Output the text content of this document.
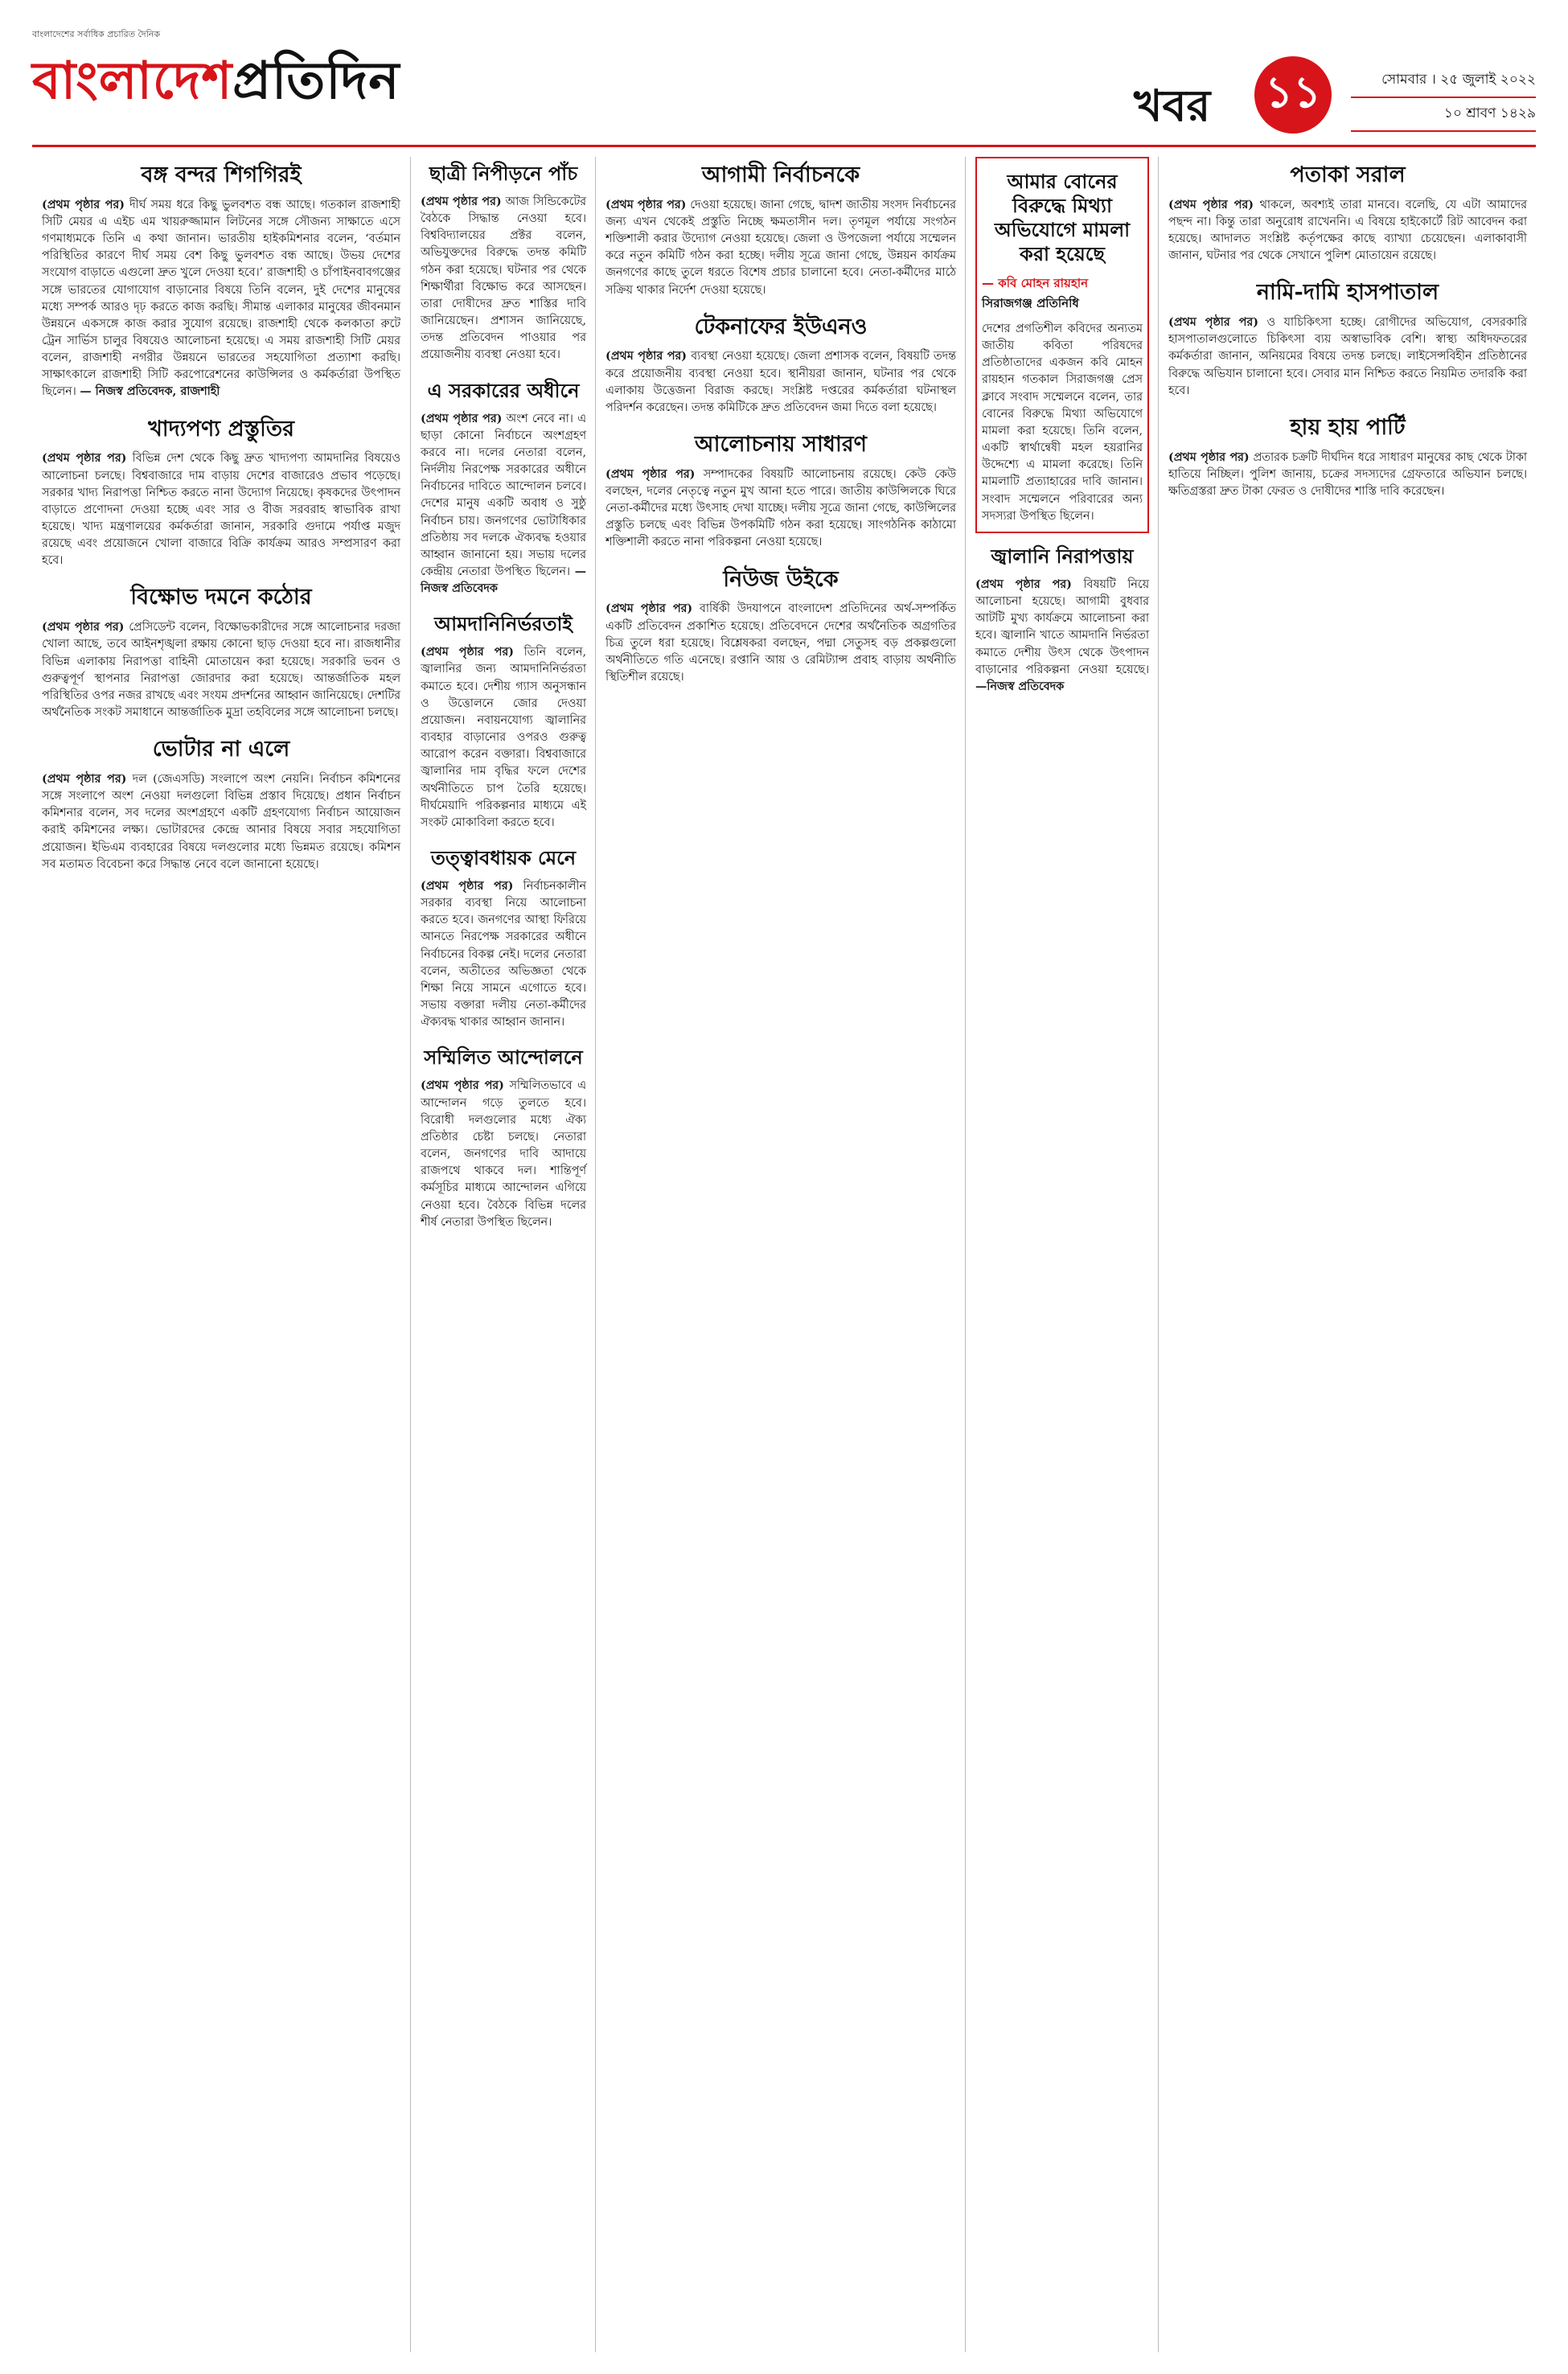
বাংলাদেশের সর্বাধিক প্রচারিত দৈনিক
বাংলাদেশপ্রতিদিন	খবর ১১	সোমবার । ২৫ জুলাই ২০২২
১০ শ্রাবণ ১৪২৯
বঙ্গ বন্দর শিগগিরই

(প্রথম পৃষ্ঠার পর) দীর্ঘ সময় ধরে কিছু ভুলবশত বন্ধ আছে। গতকাল রাজশাহী সিটি মেয়র এ এইচ এম খায়রুজ্জামান লিটনের সঙ্গে সৌজন্য সাক্ষাতে এসে গণমাধ্যমকে তিনি এ কথা জানান। ভারতীয় হাইকমিশনার বলেন, ‘বর্তমান পরিস্থিতির কারণে দীর্ঘ সময় বেশ কিছু ভুলবশত বন্ধ আছে। উভয় দেশের সংযোগ বাড়াতে এগুলো দ্রুত খুলে দেওয়া হবে।’ রাজশাহী ও চাঁপাইনবাবগঞ্জের সঙ্গে ভারতের যোগাযোগ বাড়ানোর বিষয়ে তিনি বলেন, দুই দেশের মানুষের মধ্যে সম্পর্ক আরও দৃঢ় করতে কাজ করছি। সীমান্ত এলাকার মানুষের জীবনমান উন্নয়নে একসঙ্গে কাজ করার সুযোগ রয়েছে। রাজশাহী থেকে কলকাতা রুটে ট্রেন সার্ভিস চালুর বিষয়েও আলোচনা হয়েছে। এ সময় রাজশাহী সিটি মেয়র বলেন, রাজশাহী নগরীর উন্নয়নে ভারতের সহযোগিতা প্রত্যাশা করছি। সাক্ষাৎকালে রাজশাহী সিটি করপোরেশনের কাউন্সিলর ও কর্মকর্তারা উপস্থিত ছিলেন। — নিজস্ব প্রতিবেদক, রাজশাহী

খাদ্যপণ্য প্রস্তুতির

(প্রথম পৃষ্ঠার পর) বিভিন্ন দেশ থেকে কিছু দ্রুত খাদ্যপণ্য আমদানির বিষয়েও আলোচনা চলছে। বিশ্ববাজারে দাম বাড়ায় দেশের বাজারেও প্রভাব পড়েছে। সরকার খাদ্য নিরাপত্তা নিশ্চিত করতে নানা উদ্যোগ নিয়েছে। কৃষকদের উৎপাদন বাড়াতে প্রণোদনা দেওয়া হচ্ছে এবং সার ও বীজ সরবরাহ স্বাভাবিক রাখা হয়েছে। খাদ্য মন্ত্রণালয়ের কর্মকর্তারা জানান, সরকারি গুদামে পর্যাপ্ত মজুদ রয়েছে এবং প্রয়োজনে খোলা বাজারে বিক্রি কার্যক্রম আরও সম্প্রসারণ করা হবে।

বিক্ষোভ দমনে কঠোর

(প্রথম পৃষ্ঠার পর) প্রেসিডেন্ট বলেন, বিক্ষোভকারীদের সঙ্গে আলোচনার দরজা খোলা আছে, তবে আইনশৃঙ্খলা রক্ষায় কোনো ছাড় দেওয়া হবে না। রাজধানীর বিভিন্ন এলাকায় নিরাপত্তা বাহিনী মোতায়েন করা হয়েছে। সরকারি ভবন ও গুরুত্বপূর্ণ স্থাপনার নিরাপত্তা জোরদার করা হয়েছে। আন্তর্জাতিক মহল পরিস্থিতির ওপর নজর রাখছে এবং সংযম প্রদর্শনের আহ্বান জানিয়েছে। দেশটির অর্থনৈতিক সংকট সমাধানে আন্তর্জাতিক মুদ্রা তহবিলের সঙ্গে আলোচনা চলছে।

ভোটার না এলে

(প্রথম পৃষ্ঠার পর) দল (জেএসডি) সংলাপে অংশ নেয়নি। নির্বাচন কমিশনের সঙ্গে সংলাপে অংশ নেওয়া দলগুলো বিভিন্ন প্রস্তাব দিয়েছে। প্রধান নির্বাচন কমিশনার বলেন, সব দলের অংশগ্রহণে একটি গ্রহণযোগ্য নির্বাচন আয়োজন করাই কমিশনের লক্ষ্য। ভোটারদের কেন্দ্রে আনার বিষয়ে সবার সহযোগিতা প্রয়োজন। ইভিএম ব্যবহারের বিষয়ে দলগুলোর মধ্যে ভিন্নমত রয়েছে। কমিশন সব মতামত বিবেচনা করে সিদ্ধান্ত নেবে বলে জানানো হয়েছে।

ছাত্রী নিপীড়নে পাঁচ

(প্রথম পৃষ্ঠার পর) আজ সিন্ডিকেটের বৈঠকে সিদ্ধান্ত নেওয়া হবে। বিশ্ববিদ্যালয়ের প্রক্টর বলেন, অভিযুক্তদের বিরুদ্ধে তদন্ত কমিটি গঠন করা হয়েছে। ঘটনার পর থেকে শিক্ষার্থীরা বিক্ষোভ করে আসছেন। তারা দোষীদের দ্রুত শাস্তির দাবি জানিয়েছেন। প্রশাসন জানিয়েছে, তদন্ত প্রতিবেদন পাওয়ার পর প্রয়োজনীয় ব্যবস্থা নেওয়া হবে।

এ সরকারের অধীনে

(প্রথম পৃষ্ঠার পর) অংশ নেবে না। এ ছাড়া কোনো নির্বাচনে অংশগ্রহণ করবে না। দলের নেতারা বলেন, নির্দলীয় নিরপেক্ষ সরকারের অধীনে নির্বাচনের দাবিতে আন্দোলন চলবে। দেশের মানুষ একটি অবাধ ও সুষ্ঠু নির্বাচন চায়। জনগণের ভোটাধিকার প্রতিষ্ঠায় সব দলকে ঐক্যবদ্ধ হওয়ার আহ্বান জানানো হয়। সভায় দলের কেন্দ্রীয় নেতারা উপস্থিত ছিলেন। —নিজস্ব প্রতিবেদক

আমদানিনির্ভরতাই

(প্রথম পৃষ্ঠার পর) তিনি বলেন, জ্বালানির জন্য আমদানিনির্ভরতা কমাতে হবে। দেশীয় গ্যাস অনুসন্ধান ও উত্তোলনে জোর দেওয়া প্রয়োজন। নবায়নযোগ্য জ্বালানির ব্যবহার বাড়ানোর ওপরও গুরুত্ব আরোপ করেন বক্তারা। বিশ্ববাজারে জ্বালানির দাম বৃদ্ধির ফলে দেশের অর্থনীতিতে চাপ তৈরি হয়েছে। দীর্ঘমেয়াদি পরিকল্পনার মাধ্যমে এই সংকট মোকাবিলা করতে হবে।

তত্ত্বাবধায়ক মেনে

(প্রথম পৃষ্ঠার পর) নির্বাচনকালীন সরকার ব্যবস্থা নিয়ে আলোচনা করতে হবে। জনগণের আস্থা ফিরিয়ে আনতে নিরপেক্ষ সরকারের অধীনে নির্বাচনের বিকল্প নেই। দলের নেতারা বলেন, অতীতের অভিজ্ঞতা থেকে শিক্ষা নিয়ে সামনে এগোতে হবে। সভায় বক্তারা দলীয় নেতা-কর্মীদের ঐক্যবদ্ধ থাকার আহ্বান জানান।

সম্মিলিত আন্দোলনে

(প্রথম পৃষ্ঠার পর) সম্মিলিতভাবে এ আন্দোলন গড়ে তুলতে হবে। বিরোধী দলগুলোর মধ্যে ঐক্য প্রতিষ্ঠার চেষ্টা চলছে। নেতারা বলেন, জনগণের দাবি আদায়ে রাজপথে থাকবে দল। শান্তিপূর্ণ কর্মসূচির মাধ্যমে আন্দোলন এগিয়ে নেওয়া হবে। বৈঠকে বিভিন্ন দলের শীর্ষ নেতারা উপস্থিত ছিলেন।

আগামী নির্বাচনকে

(প্রথম পৃষ্ঠার পর) দেওয়া হয়েছে। জানা গেছে, দ্বাদশ জাতীয় সংসদ নির্বাচনের জন্য এখন থেকেই প্রস্তুতি নিচ্ছে ক্ষমতাসীন দল। তৃণমূল পর্যায়ে সংগঠন শক্তিশালী করার উদ্যোগ নেওয়া হয়েছে। জেলা ও উপজেলা পর্যায়ে সম্মেলন করে নতুন কমিটি গঠন করা হচ্ছে। দলীয় সূত্রে জানা গেছে, উন্নয়ন কার্যক্রম জনগণের কাছে তুলে ধরতে বিশেষ প্রচার চালানো হবে। নেতা-কর্মীদের মাঠে সক্রিয় থাকার নির্দেশ দেওয়া হয়েছে।

টেকনাফের ইউএনও

(প্রথম পৃষ্ঠার পর) ব্যবস্থা নেওয়া হয়েছে। জেলা প্রশাসক বলেন, বিষয়টি তদন্ত করে প্রয়োজনীয় ব্যবস্থা নেওয়া হবে। স্থানীয়রা জানান, ঘটনার পর থেকে এলাকায় উত্তেজনা বিরাজ করছে। সংশ্লিষ্ট দপ্তরের কর্মকর্তারা ঘটনাস্থল পরিদর্শন করেছেন। তদন্ত কমিটিকে দ্রুত প্রতিবেদন জমা দিতে বলা হয়েছে।

আলোচনায় সাধারণ

(প্রথম পৃষ্ঠার পর) সম্পাদকের বিষয়টি আলোচনায় রয়েছে। কেউ কেউ বলছেন, দলের নেতৃত্বে নতুন মুখ আনা হতে পারে। জাতীয় কাউন্সিলকে ঘিরে নেতা-কর্মীদের মধ্যে উৎসাহ দেখা যাচ্ছে। দলীয় সূত্রে জানা গেছে, কাউন্সিলের প্রস্তুতি চলছে এবং বিভিন্ন উপকমিটি গঠন করা হয়েছে। সাংগঠনিক কাঠামো শক্তিশালী করতে নানা পরিকল্পনা নেওয়া হয়েছে।

নিউজ উইকে

(প্রথম পৃষ্ঠার পর) বার্ষিকী উদযাপনে বাংলাদেশ প্রতিদিনের অর্থ-সম্পর্কিত একটি প্রতিবেদন প্রকাশিত হয়েছে। প্রতিবেদনে দেশের অর্থনৈতিক অগ্রগতির চিত্র তুলে ধরা হয়েছে। বিশ্লেষকরা বলছেন, পদ্মা সেতুসহ বড় প্রকল্পগুলো অর্থনীতিতে গতি এনেছে। রপ্তানি আয় ও রেমিট্যান্স প্রবাহ বাড়ায় অর্থনীতি স্থিতিশীল রয়েছে।

আমার বোনের বিরুদ্ধে মিথ্যা অভিযোগে মামলা করা হয়েছে
— কবি মোহন রায়হান
সিরাজগঞ্জ প্রতিনিধি

দেশের প্রগতিশীল কবিদের অন্যতম জাতীয় কবিতা পরিষদের প্রতিষ্ঠাতাদের একজন কবি মোহন রায়হান গতকাল সিরাজগঞ্জ প্রেস ক্লাবে সংবাদ সম্মেলনে বলেন, তার বোনের বিরুদ্ধে মিথ্যা অভিযোগে মামলা করা হয়েছে। তিনি বলেন, একটি স্বার্থান্বেষী মহল হয়রানির উদ্দেশ্যে এ মামলা করেছে। তিনি মামলাটি প্রত্যাহারের দাবি জানান। সংবাদ সম্মেলনে পরিবারের অন্য সদস্যরা উপস্থিত ছিলেন।

জ্বালানি নিরাপত্তায়

(প্রথম পৃষ্ঠার পর) বিষয়টি নিয়ে আলোচনা হয়েছে। আগামী বুধবার আটটি মুখ্য কার্যক্রমে আলোচনা করা হবে। জ্বালানি খাতে আমদানি নির্ভরতা কমাতে দেশীয় উৎস থেকে উৎপাদন বাড়ানোর পরিকল্পনা নেওয়া হয়েছে। —নিজস্ব প্রতিবেদক

পতাকা সরাল

(প্রথম পৃষ্ঠার পর) থাকলে, অবশ্যই তারা মানবে। বলেছি, যে এটা আমাদের পছন্দ না। কিন্তু তারা অনুরোধ রাখেননি। এ বিষয়ে হাইকোর্টে রিট আবেদন করা হয়েছে। আদালত সংশ্লিষ্ট কর্তৃপক্ষের কাছে ব্যাখ্যা চেয়েছেন। এলাকাবাসী জানান, ঘটনার পর থেকে সেখানে পুলিশ মোতায়েন রয়েছে।

নামি-দামি হাসপাতাল

(প্রথম পৃষ্ঠার পর) ও যাচিকিৎসা হচ্ছে। রোগীদের অভিযোগ, বেসরকারি হাসপাতালগুলোতে চিকিৎসা ব্যয় অস্বাভাবিক বেশি। স্বাস্থ্য অধিদফতরের কর্মকর্তারা জানান, অনিয়মের বিষয়ে তদন্ত চলছে। লাইসেন্সবিহীন প্রতিষ্ঠানের বিরুদ্ধে অভিযান চালানো হবে। সেবার মান নিশ্চিত করতে নিয়মিত তদারকি করা হবে।

হায় হায় পার্টি

(প্রথম পৃষ্ঠার পর) প্রতারক চক্রটি দীর্ঘদিন ধরে সাধারণ মানুষের কাছ থেকে টাকা হাতিয়ে নিচ্ছিল। পুলিশ জানায়, চক্রের সদস্যদের গ্রেফতারে অভিযান চলছে। ক্ষতিগ্রস্তরা দ্রুত টাকা ফেরত ও দোষীদের শাস্তি দাবি করেছেন।
